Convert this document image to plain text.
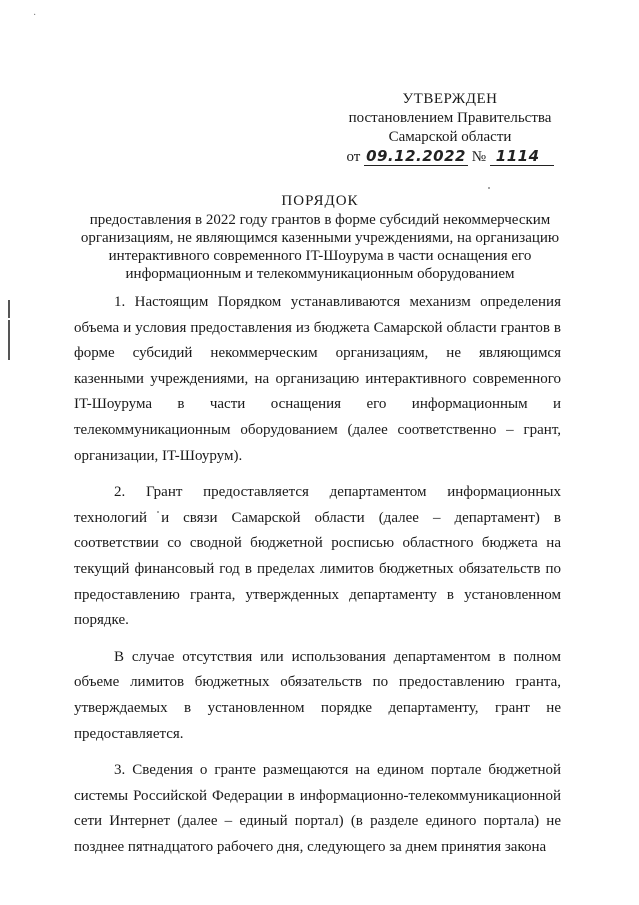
·
УТВЕРЖДЕН
постановлением Правительства
Самарской области
от 09.12.2022 № 1114
ПОРЯДОК
предоставления в 2022 году грантов в форме субсидий некоммерческим организациям, не являющимся казенными учреждениями, на организацию интерактивного современного IT-Шоурума в части оснащения его информационным и телекоммуникационным оборудованием

1. Настоящим Порядком устанавливаются механизм определения объема и условия предоставления из бюджета Самарской области грантов в форме субсидий некоммерческим организациям, не являющимся казенными учреждениями, на организацию интерактивного современного IT-Шоурума в части оснащения его информационным и телекоммуникационным оборудованием (далее соответственно – грант, организации, IT-Шоурум).

2. Грант предоставляется департаментом информационных технологий и связи Самарской области (далее – департамент) в соответствии со сводной бюджетной росписью областного бюджета на текущий финансовый год в пределах лимитов бюджетных обязательств по предоставлению гранта, утвержденных департаменту в установленном порядке.

В случае отсутствия или использования департаментом в полном объеме лимитов бюджетных обязательств по предоставлению гранта, утверждаемых в установленном порядке департаменту, грант не предоставляется.

3. Сведения о гранте размещаются на едином портале бюджетной системы Российской Федерации в информационно-телекоммуникационной сети Интернет (далее – единый портал) (в разделе единого портала) не позднее пятнадцатого рабочего дня, следующего за днем принятия закона
